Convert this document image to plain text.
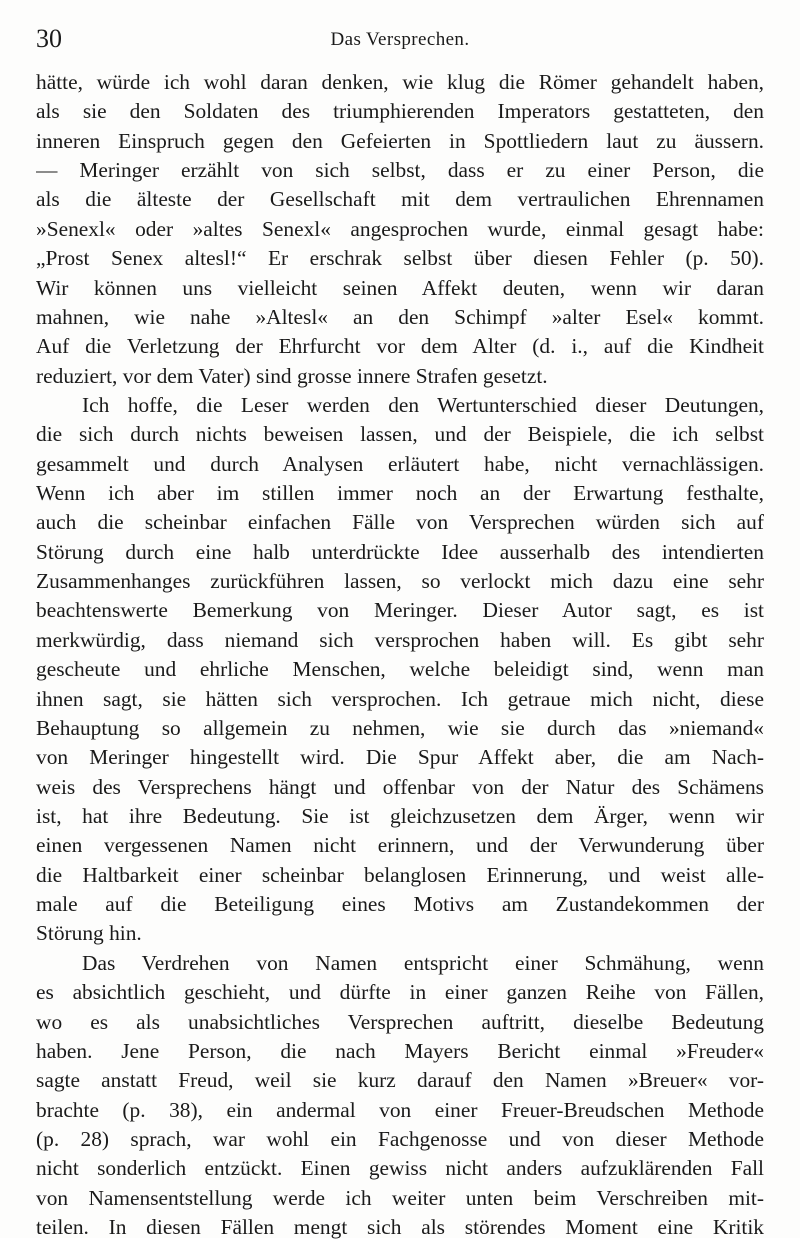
30	Das Versprechen.
hätte, würde ich wohl daran denken, wie klug die Römer gehandelt haben,
als sie den Soldaten des triumphierenden Imperators gestatteten, den
inneren Einspruch gegen den Gefeierten in Spottliedern laut zu äussern.
— Meringer erzählt von sich selbst, dass er zu einer Person, die
als die älteste der Gesellschaft mit dem vertraulichen Ehrennamen
»Senexl« oder »altes Senexl« angesprochen wurde, einmal gesagt habe:
„Prost Senex altesl!“ Er erschrak selbst über diesen Fehler (p. 50).
Wir können uns vielleicht seinen Affekt deuten, wenn wir daran
mahnen, wie nahe »Altesl« an den Schimpf »alter Esel« kommt.
Auf die Verletzung der Ehrfurcht vor dem Alter (d. i., auf die Kindheit
reduziert, vor dem Vater) sind grosse innere Strafen gesetzt.
Ich hoffe, die Leser werden den Wertunterschied dieser Deutungen,
die sich durch nichts beweisen lassen, und der Beispiele, die ich selbst
gesammelt und durch Analysen erläutert habe, nicht vernachlässigen.
Wenn ich aber im stillen immer noch an der Erwartung festhalte,
auch die scheinbar einfachen Fälle von Versprechen würden sich auf
Störung durch eine halb unterdrückte Idee ausserhalb des intendierten
Zusammenhanges zurückführen lassen, so verlockt mich dazu eine sehr
beachtenswerte Bemerkung von Meringer. Dieser Autor sagt, es ist
merkwürdig, dass niemand sich versprochen haben will. Es gibt sehr
gescheute und ehrliche Menschen, welche beleidigt sind, wenn man
ihnen sagt, sie hätten sich versprochen. Ich getraue mich nicht, diese
Behauptung so allgemein zu nehmen, wie sie durch das »niemand«
von Meringer hingestellt wird. Die Spur Affekt aber, die am Nach-
weis des Versprechens hängt und offenbar von der Natur des Schämens
ist, hat ihre Bedeutung. Sie ist gleichzusetzen dem Ärger, wenn wir
einen vergessenen Namen nicht erinnern, und der Verwunderung über
die Haltbarkeit einer scheinbar belanglosen Erinnerung, und weist alle-
male auf die Beteiligung eines Motivs am Zustandekommen der
Störung hin.
Das Verdrehen von Namen entspricht einer Schmähung, wenn
es absichtlich geschieht, und dürfte in einer ganzen Reihe von Fällen,
wo es als unabsichtliches Versprechen auftritt, dieselbe Bedeutung
haben. Jene Person, die nach Mayers Bericht einmal »Freuder«
sagte anstatt Freud, weil sie kurz darauf den Namen »Breuer« vor-
brachte (p. 38), ein andermal von einer Freuer-Breudschen Methode
(p. 28) sprach, war wohl ein Fachgenosse und von dieser Methode
nicht sonderlich entzückt. Einen gewiss nicht anders aufzuklärenden Fall
von Namensentstellung werde ich weiter unten beim Verschreiben mit-
teilen. In diesen Fällen mengt sich als störendes Moment eine Kritik
